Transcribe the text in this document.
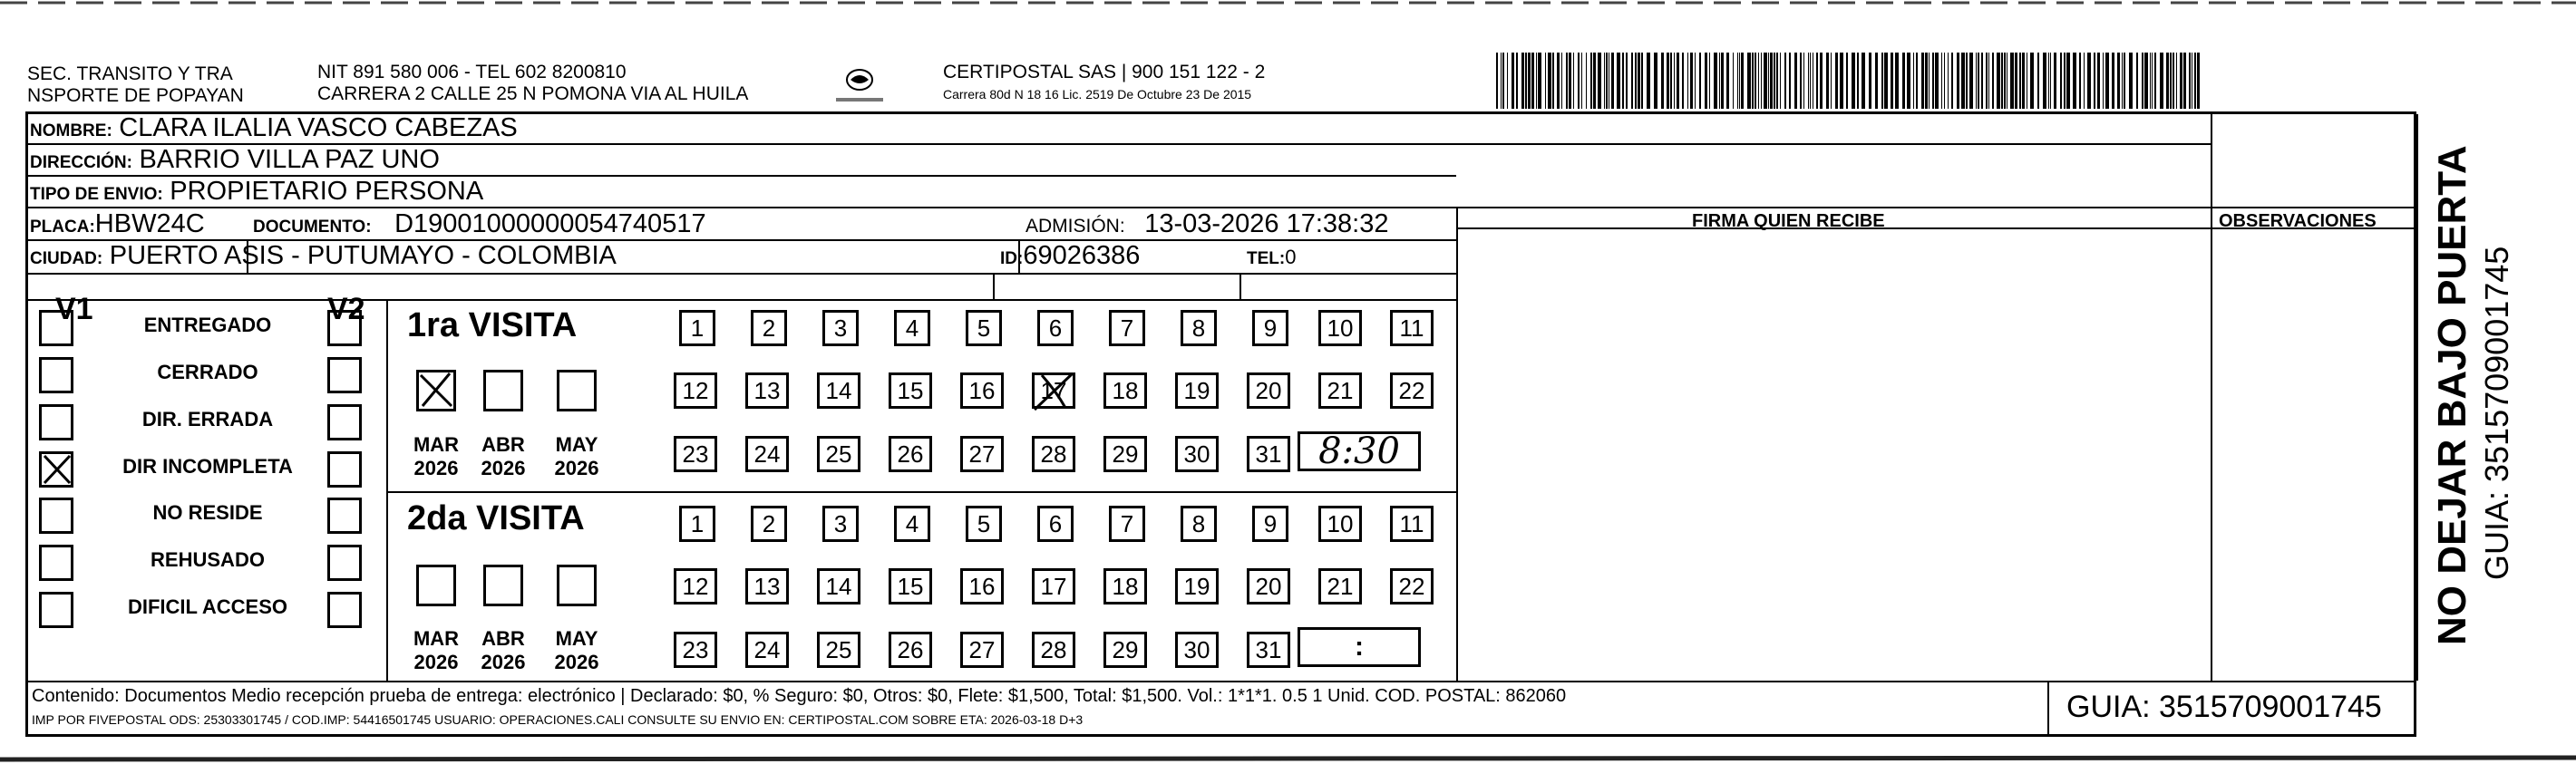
SEC. TRANSITO Y TRA
NSPORTE DE POPAYAN
NIT 891 580 006 - TEL 602 8200810
CARRERA 2 CALLE 25 N POMONA VIA AL HUILA
CERTIPOSTAL SAS | 900 151 122 - 2
Carrera 80d N 18 16 Lic. 2519 De Octubre 23 De 2015
NOMBRE: CLARA ILALIA VASCO CABEZAS
DIRECCIÓN: BARRIO VILLA PAZ UNO
TIPO DE ENVIO: PROPIETARIO PERSONA
FIRMA QUIEN RECIBE	OBSERVACIONES
PLACA:HBW24C	DOCUMENTO: D19001000000054740517	ADMISIÓN: 13-03-2026 17:38:32
CIUDAD: PUERTO ASIS - PUTUMAYO - COLOMBIA	ID:69026386	TEL:0
V1	V2
ENTREGADO
CERRADO
DIR. ERRADA
DIR INCOMPLETA
NO RESIDE
REHUSADO
DIFICIL ACCESO
1ra VISITA
2da VISITA
MAR
2026
ABR
2026
MAY
2026
MAR
2026
ABR
2026
MAY
2026
1 2 3 4 5 6 7 8 9 10 11
12 13 14 15 16 17 18 19 20 21 22
23 24 25 26 27 28 29 30 31
1 2 3 4 5 6 7 8 9 10 11
12 13 14 15 16 17 18 19 20 21 22
23 24 25 26 27 28 29 30 31
8:30
:
Contenido: Documentos Medio recepción prueba de entrega: electrónico | Declarado: $0, % Seguro: $0, Otros: $0, Flete: $1,500, Total: $1,500. Vol.: 1*1*1. 0.5 1 Unid. COD. POSTAL: 862060
IMP POR FIVEPOSTAL ODS: 25303301745 / COD.IMP: 54416501745 USUARIO: OPERACIONES.CALI CONSULTE SU ENVIO EN: CERTIPOSTAL.COM SOBRE ETA: 2026-03-18 D+3	GUIA: 3515709001745
NO DEJAR BAJO PUERTA GUIA: 3515709001745
